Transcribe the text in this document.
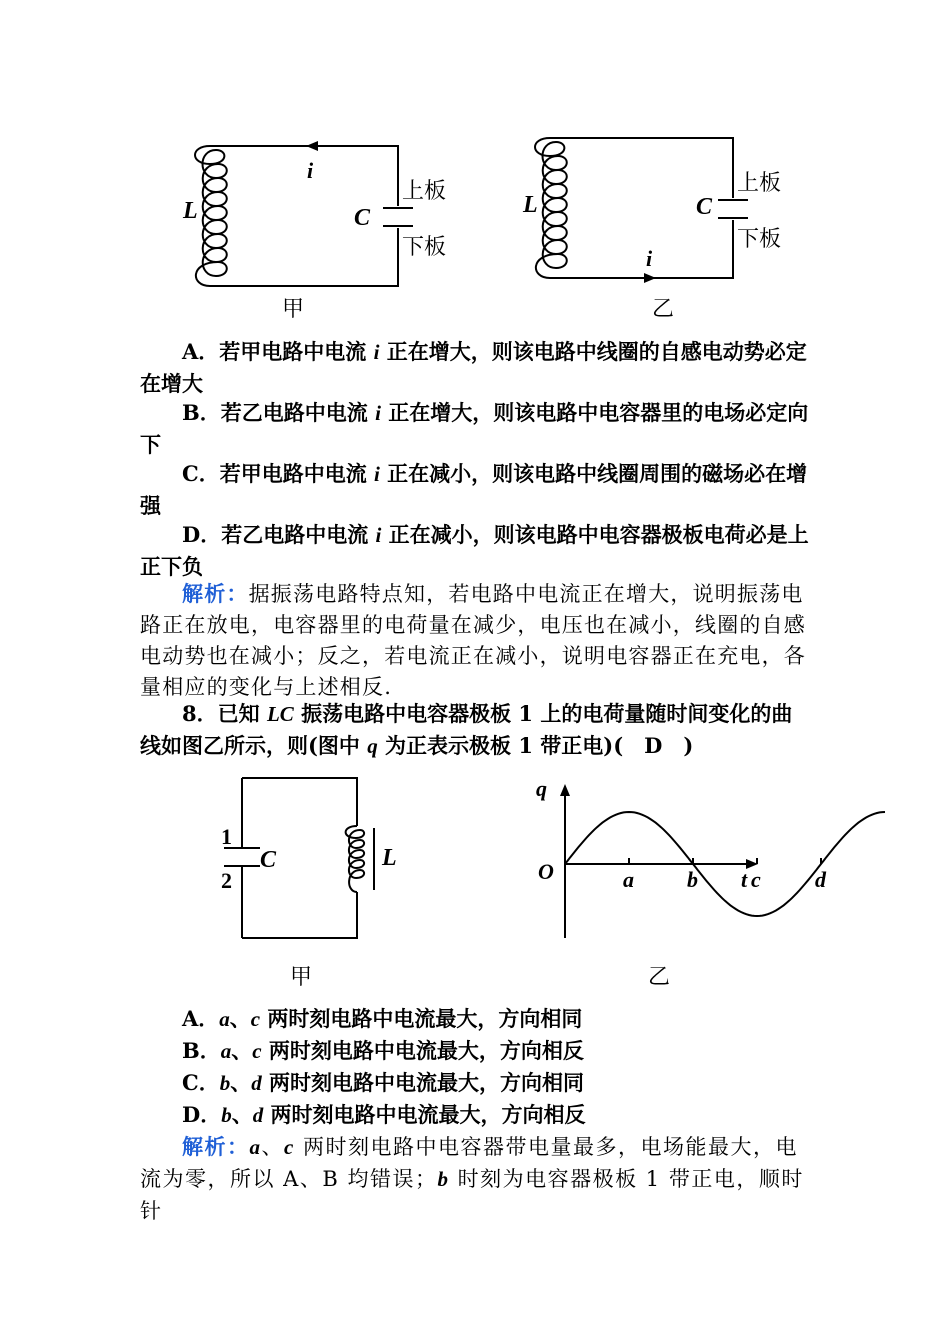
i
L	C
上板
下板
甲
i
L	C
上板
下板
乙
A．若甲电路中电流 i 正在增大，则该电路中线圈的自感电动势必定在增大
B．若乙电路中电流 i 正在增大，则该电路中电容器里的电场必定向下
C．若甲电路中电流 i 正在减小，则该电路中线圈周围的磁场必在增强
D．若乙电路中电流 i 正在减小，则该电路中电容器极板电荷必是上正下负
解析：据振荡电路特点知，若电路中电流正在增大，说明振荡电路正在放电，电容器里的电荷量在减少，电压也在减小，线圈的自感电动势也在减小；反之，若电流正在减小，说明电容器正在充电，各量相应的变化与上述相反.
8．已知 LC 振荡电路中电容器极板 1 上的电荷量随时间变化的曲线如图乙所示，则(图中 q 为正表示极板 1 带正电)(　D　)
1
2
C	L
甲
a b c d
q
t
O
乙
A．a、c 两时刻电路中电流最大，方向相同
B．a、c 两时刻电路中电流最大，方向相反
C．b、d 两时刻电路中电流最大，方向相同
D．b、d 两时刻电路中电流最大，方向相反
解析：a、c 两时刻电路中电容器带电量最多，电场能最大，电流为零，所以 A、B 均错误；b 时刻为电容器极板 1 带正电，顺时针
